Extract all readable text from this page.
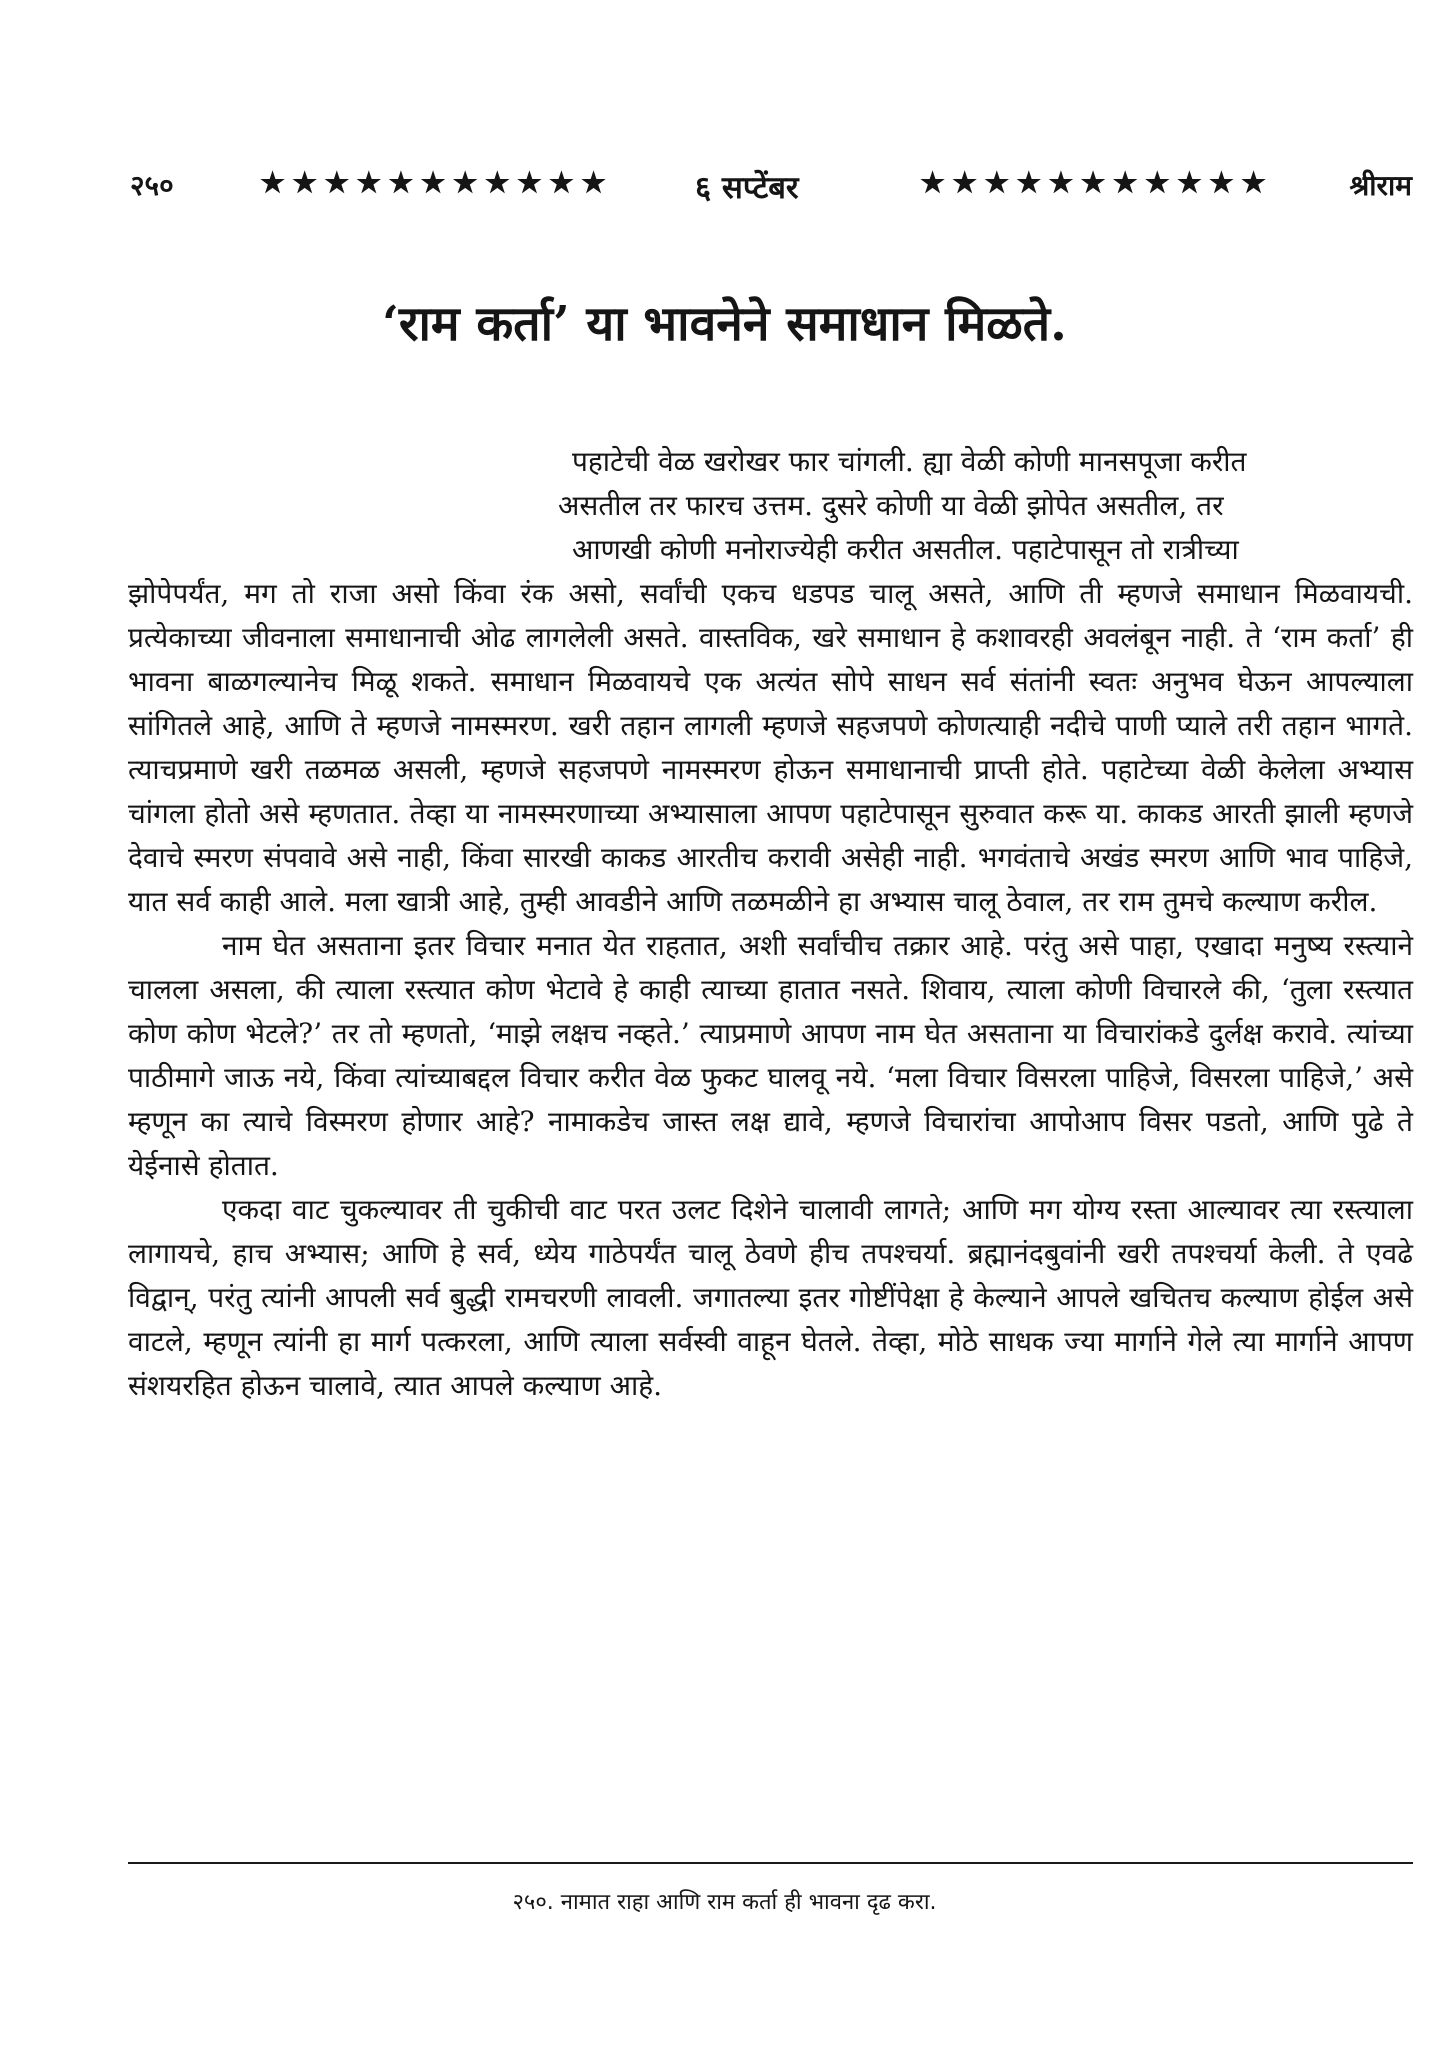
२५०	★★★★★★★★★★★	६ सप्टेंबर	★★★★★★★★★★★	श्रीराम
‘राम कर्ता’ या भावनेने समाधान मिळते.
पहाटेची वेळ खरोखर फार चांगली. ह्या वेळी कोणी मानसपूजा करीत
असतील तर फारच उत्तम. दुसरे कोणी या वेळी झोपेत असतील, तर
आणखी कोणी मनोराज्येही करीत असतील. पहाटेपासून तो रात्रीच्या

झोपेपर्यंत, मग तो राजा असो किंवा रंक असो, सर्वांची एकच धडपड चालू असते, आणि ती म्हणजे समाधान मिळवायची. प्रत्येकाच्या जीवनाला समाधानाची ओढ लागलेली असते. वास्तविक, खरे समाधान हे कशावरही अवलंबून नाही. ते ‘राम कर्ता’ ही भावना बाळगल्यानेच मिळू शकते. समाधान मिळवायचे एक अत्यंत सोपे साधन सर्व संतांनी स्वतः अनुभव घेऊन आपल्याला सांगितले आहे, आणि ते म्हणजे नामस्मरण. खरी तहान लागली म्हणजे सहजपणे कोणत्याही नदीचे पाणी प्याले तरी तहान भागते. त्याचप्रमाणे खरी तळमळ असली, म्हणजे सहजपणे नामस्मरण होऊन समाधानाची प्राप्ती होते. पहाटेच्या वेळी केलेला अभ्यास चांगला होतो असे म्हणतात. तेव्हा या नामस्मरणाच्या अभ्यासाला आपण पहाटेपासून सुरुवात करू या. काकड आरती झाली म्हणजे देवाचे स्मरण संपवावे असे नाही, किंवा सारखी काकड आरतीच करावी असेही नाही. भगवंताचे अखंड स्मरण आणि भाव पाहिजे, यात सर्व काही आले. मला खात्री आहे, तुम्ही आवडीने आणि तळमळीने हा अभ्यास चालू ठेवाल, तर राम तुमचे कल्याण करील.

नाम घेत असताना इतर विचार मनात येत राहतात, अशी सर्वांचीच तक्रार आहे. परंतु असे पाहा, एखादा मनुष्य रस्त्याने चालला असला, की त्याला रस्त्यात कोण भेटावे हे काही त्याच्या हातात नसते. शिवाय, त्याला कोणी विचारले की, ‘तुला रस्त्यात कोण कोण भेटले?’ तर तो म्हणतो, ‘माझे लक्षच नव्हते.’ त्याप्रमाणे आपण नाम घेत असताना या विचारांकडे दुर्लक्ष करावे. त्यांच्या पाठीमागे जाऊ नये, किंवा त्यांच्याबद्दल विचार करीत वेळ फुकट घालवू नये. ‘मला विचार विसरला पाहिजे, विसरला पाहिजे,’ असे म्हणून का त्याचे विस्मरण होणार आहे? नामाकडेच जास्त लक्ष द्यावे, म्हणजे विचारांचा आपोआप विसर पडतो, आणि पुढे ते येईनासे होतात.

एकदा वाट चुकल्यावर ती चुकीची वाट परत उलट दिशेने चालावी लागते; आणि मग योग्य रस्ता आल्यावर त्या रस्त्याला लागायचे, हाच अभ्यास; आणि हे सर्व, ध्येय गाठेपर्यंत चालू ठेवणे हीच तपश्चर्या. ब्रह्मानंदबुवांनी खरी तपश्चर्या केली. ते एवढे विद्वान्, परंतु त्यांनी आपली सर्व बुद्धी रामचरणी लावली. जगातल्या इतर गोष्टींपेक्षा हे केल्याने आपले खचितच कल्याण होईल असे वाटले, म्हणून त्यांनी हा मार्ग पत्करला, आणि त्याला सर्वस्वी वाहून घेतले. तेव्हा, मोठे साधक ज्या मार्गाने गेले त्या मार्गाने आपण संशयरहित होऊन चालावे, त्यात आपले कल्याण आहे.

२५०. नामात राहा आणि राम कर्ता ही भावना दृढ करा.
